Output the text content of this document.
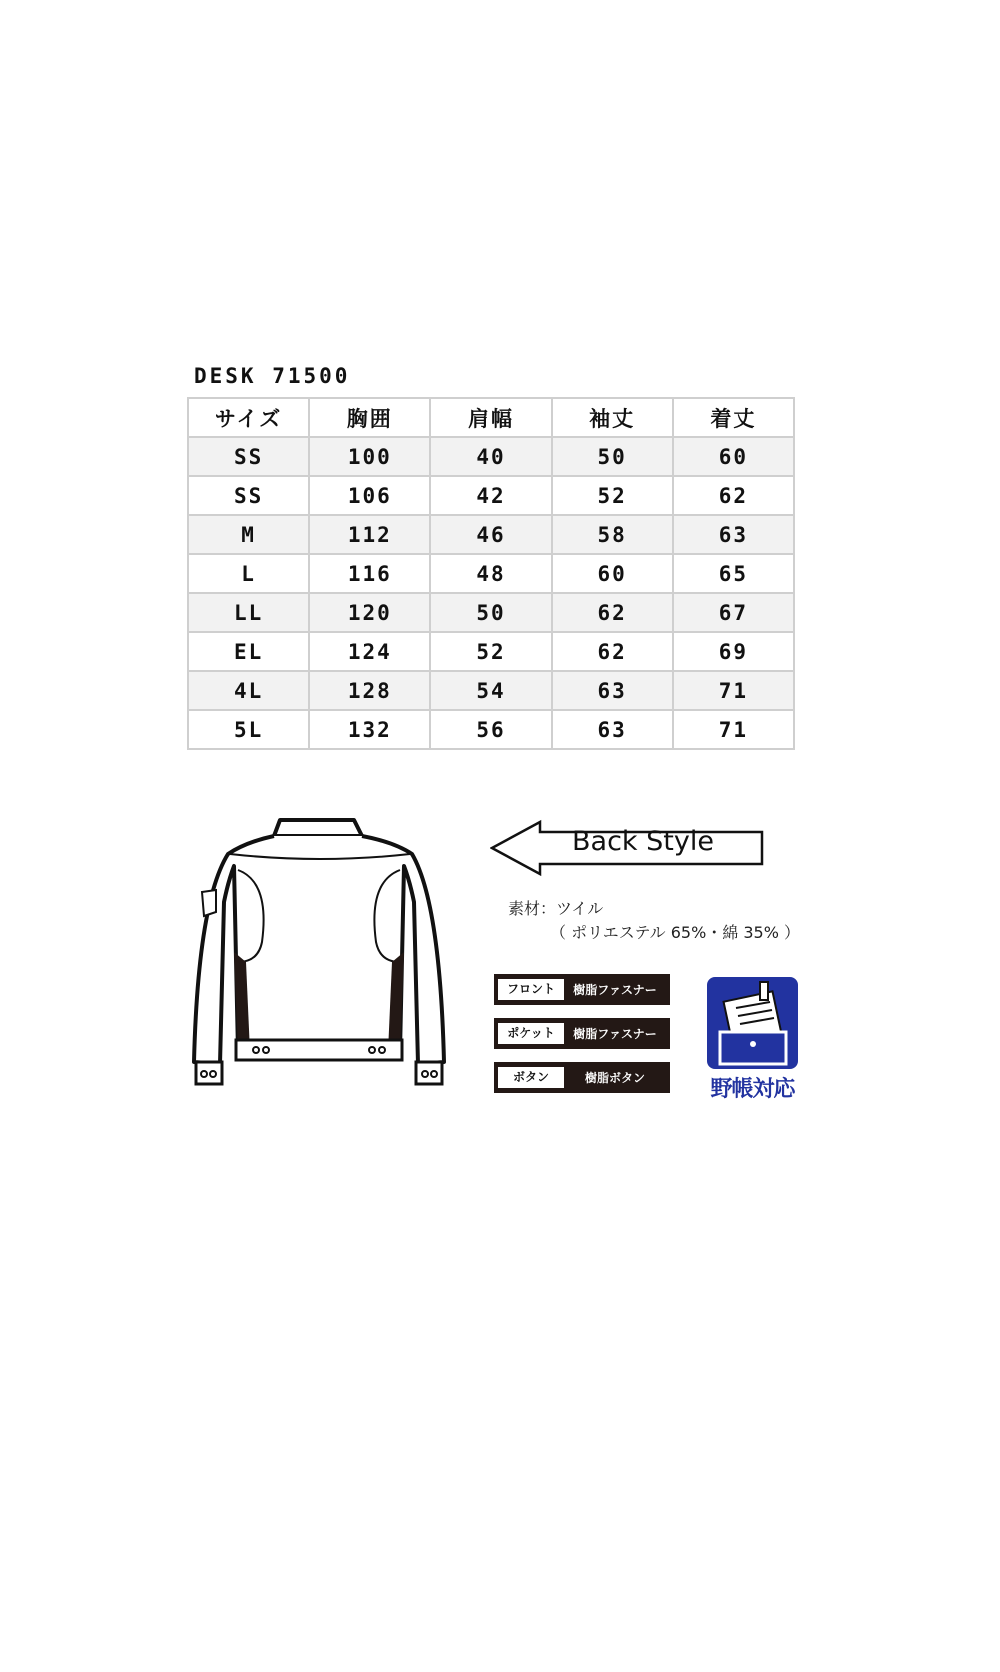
DESK 71500
サイズ	胸囲	肩幅	袖丈	着丈
SS	100	40	50	60
SS	106	42	52	62
M	112	46	58	63
L	116	48	60	65
LL	120	50	62	67
EL	124	52	62	69
4L	128	54	63	71
5L	132	56	63	71
Back Style
素材：ツイル
（ ポリエステル 65%・綿 35% ）
フロント	樹脂ファスナー
ポケット	樹脂ファスナー
ボタン	樹脂ボタン	野帳対応
